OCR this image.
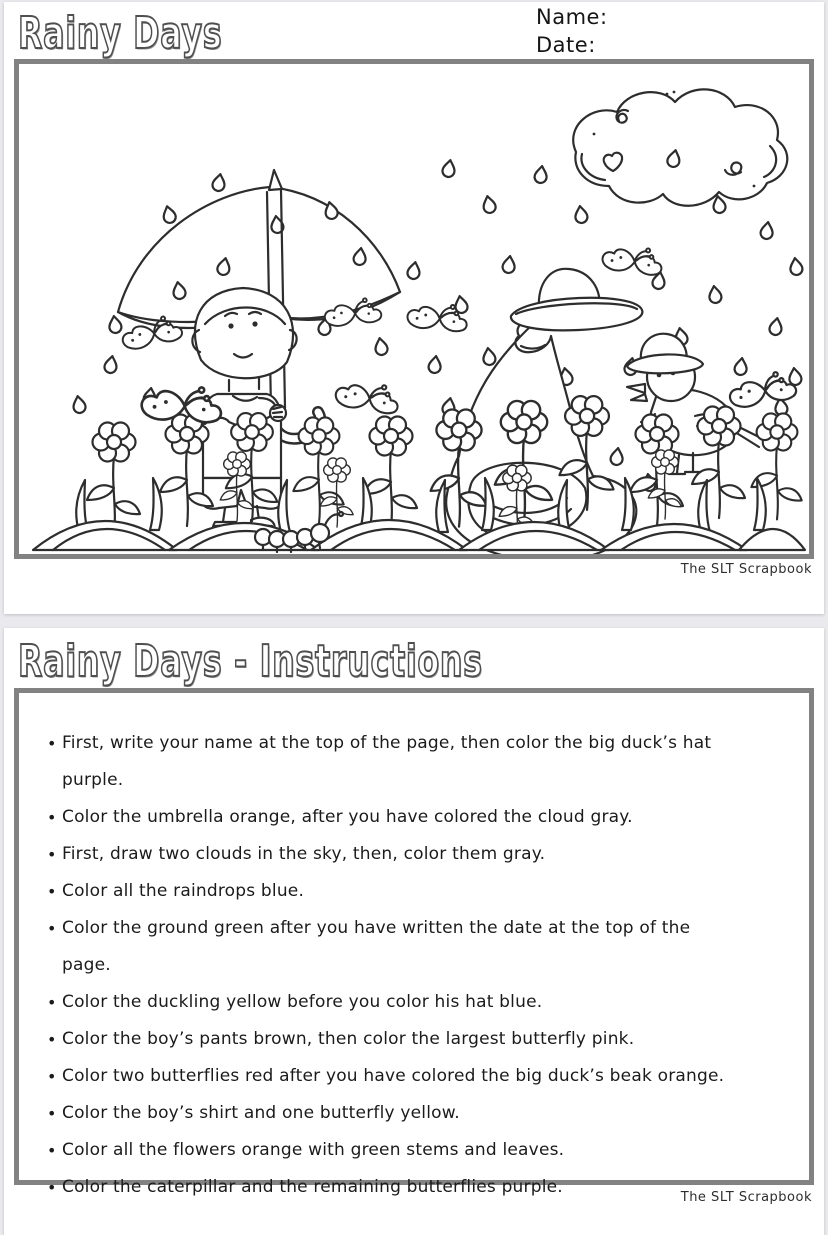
Rainy Days	Name:
Date:
The SLT Scrapbook
Rainy Days - Instructions
• First, write your name at the top of the page, then color the big duck’s hat purple.
• Color the umbrella orange, after you have colored the cloud gray.
• First, draw two clouds in the sky, then, color them gray.
• Color all the raindrops blue.
• Color the ground green after you have written the date at the top of the page.
• Color the duckling yellow before you color his hat blue.
• Color the boy’s pants brown, then color the largest butterfly pink.
• Color two butterflies red after you have colored the big duck’s beak orange.
• Color the boy’s shirt and one butterfly yellow.
• Color all the flowers orange with green stems and leaves.
• Color the caterpillar and the remaining butterflies purple.
The SLT Scrapbook
